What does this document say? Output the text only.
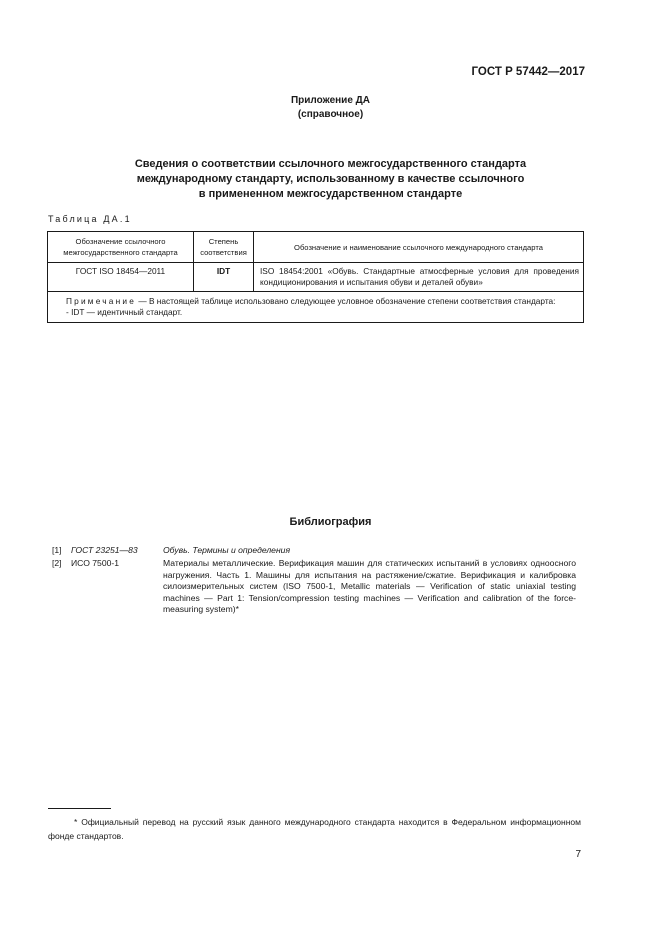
ГОСТ Р 57442—2017
Приложение ДА
(справочное)
Сведения о соответствии ссылочного межгосударственного стандарта
международному стандарту, использованному в качестве ссылочного
в примененном межгосударственном стандарте
Таблица ДА.1
Обозначение ссылочного межгосударственного стандарта	Степень соответствия	Обозначение и наименование ссылочного международного стандарта
ГОСТ ISO 18454—2011	IDT	ISO 18454:2001 «Обувь. Стандартные атмосферные условия для проведения кондиционирования и испытания обуви и деталей обуви»

Примечание — В настоящей таблице использовано следующее условное обозначение степени соответствия стандарта:
- IDT — идентичный стандарт.		
Библиография
[1] ГОСТ 23251—83	Обувь. Термины и определения
[2] ИСО 7500-1	Материалы металлические. Верификация машин для статических испытаний в условиях одноосного нагружения. Часть 1. Машины для испытания на растяжение/сжатие. Верификация и калибровка силоизмерительных систем (ISO 7500-1, Metallic materials — Verification of static uniaxial testing machines — Part 1: Tension/compression testing machines — Verification and calibration of the force-measuring system)*
* Официальный перевод на русский язык данного международного стандарта находится в Федеральном информационном фонде стандартов.
7
